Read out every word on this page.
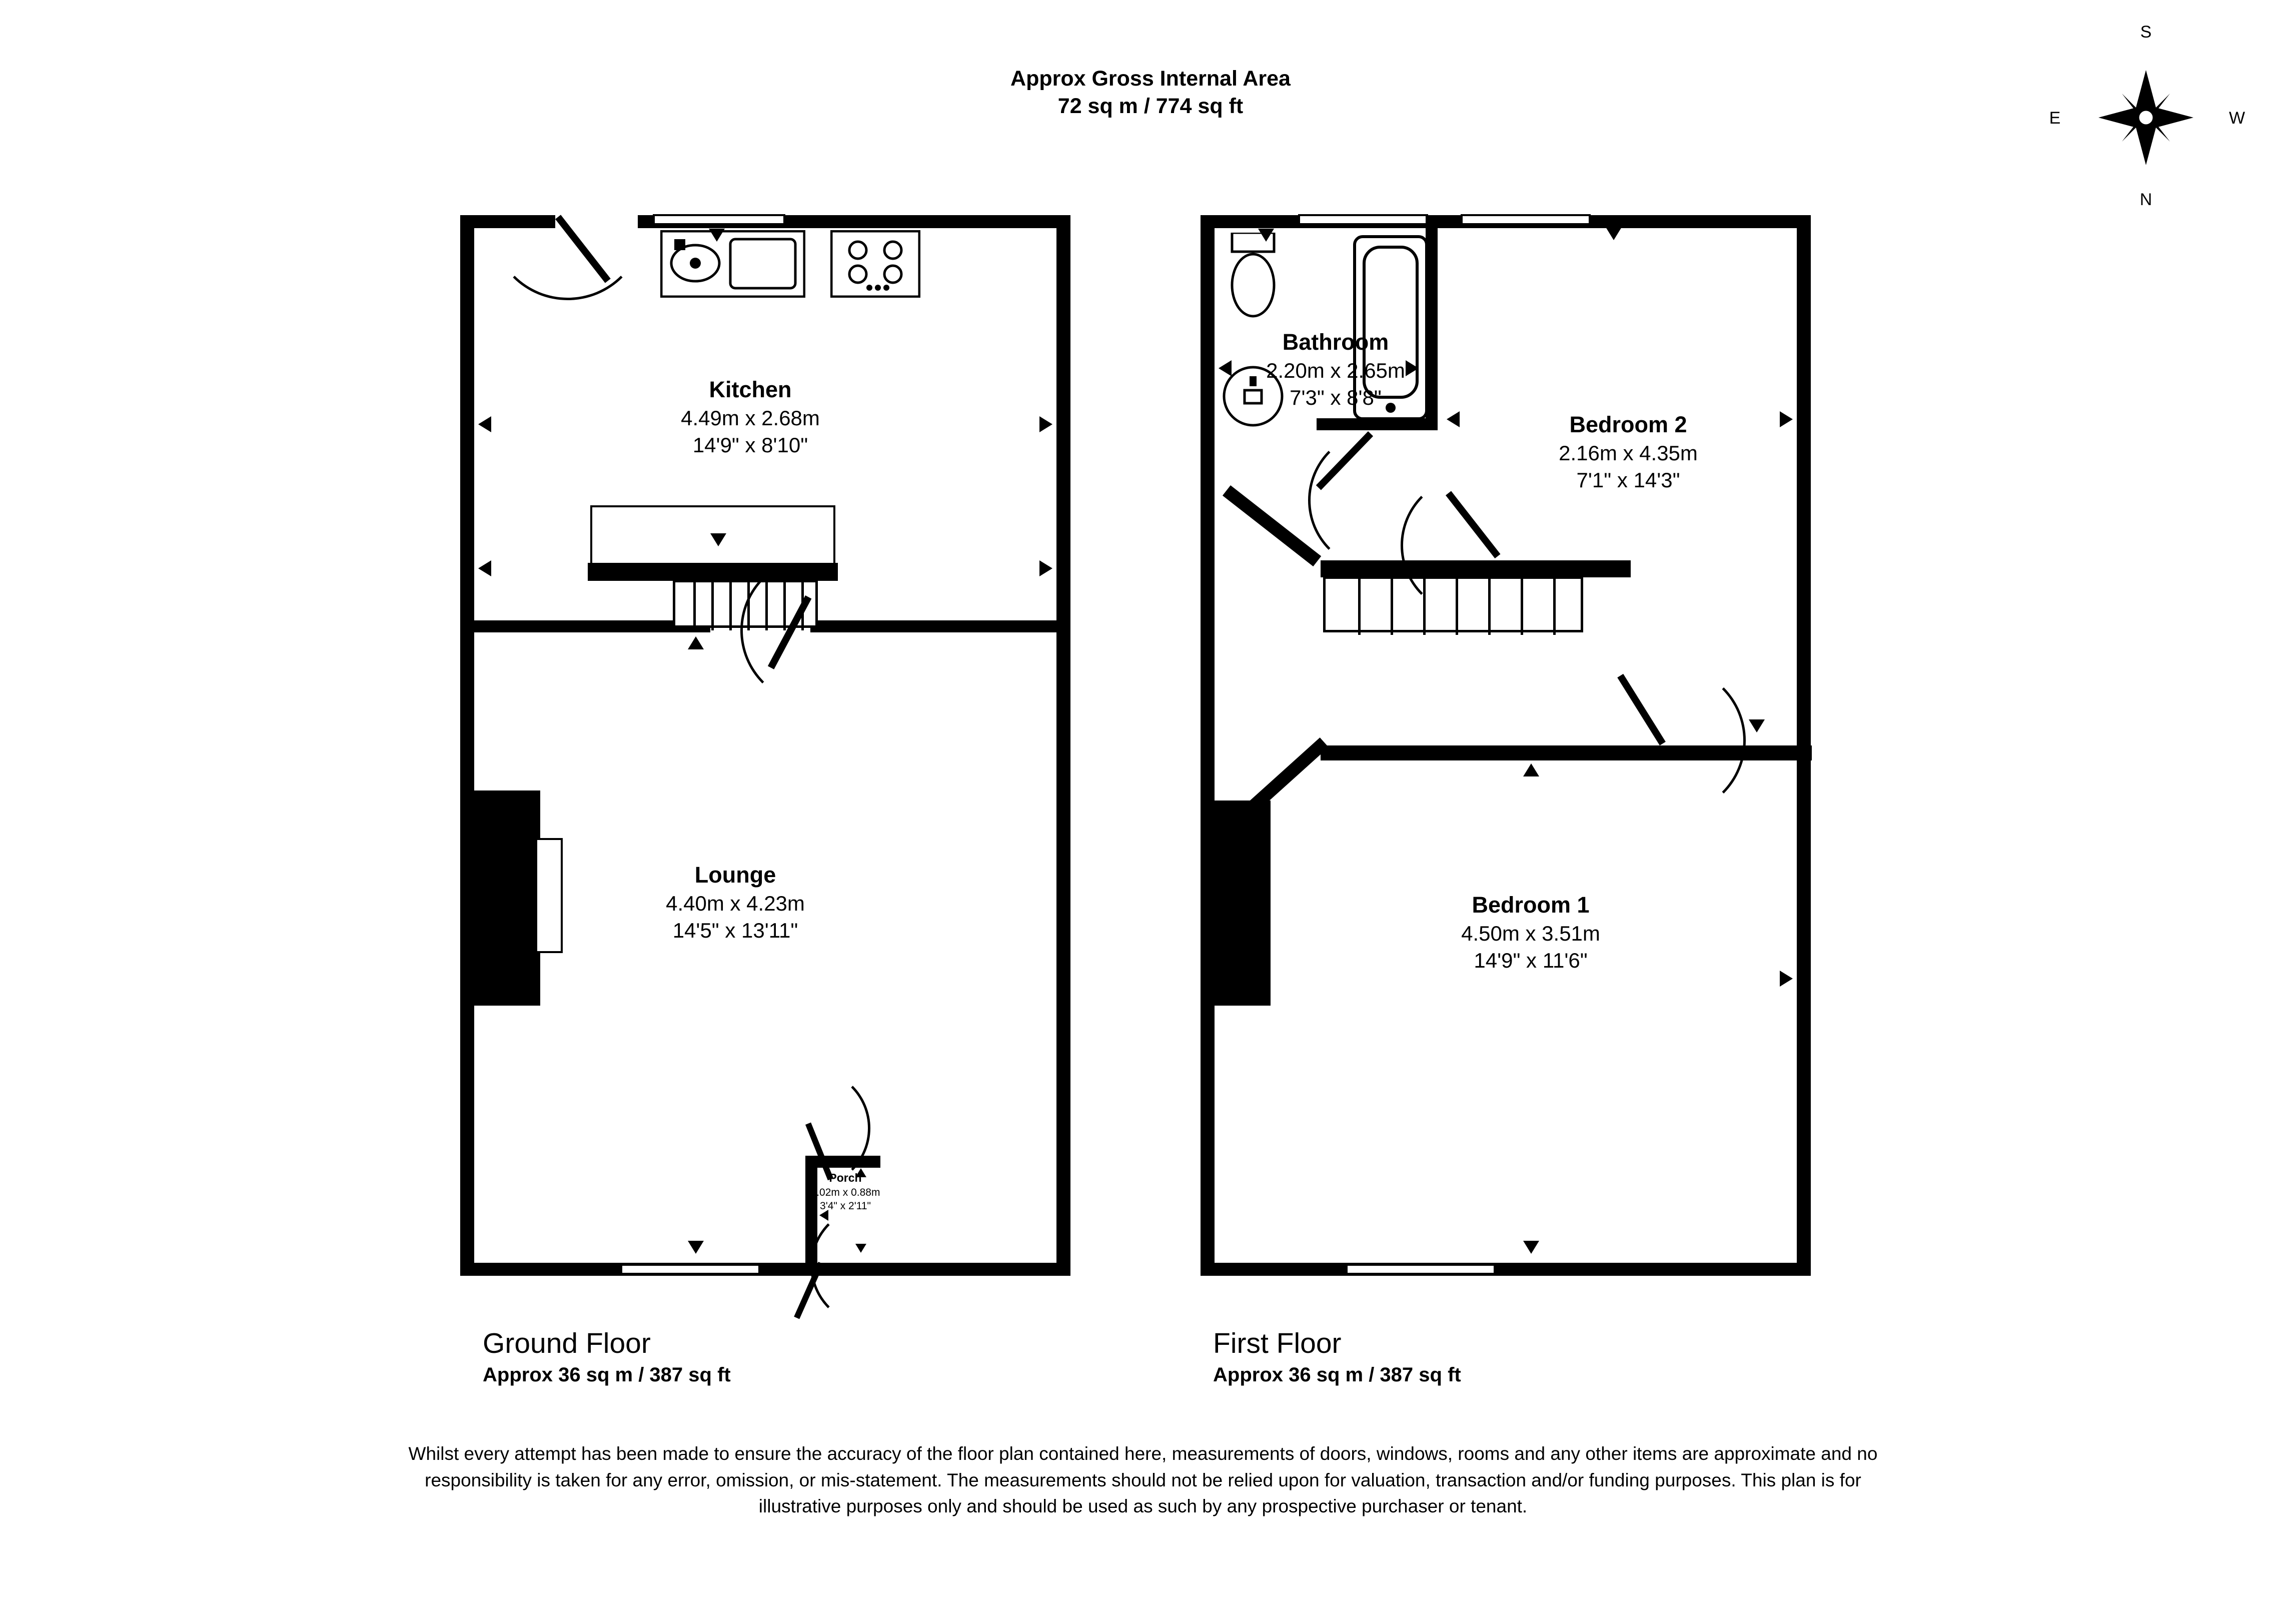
Approx Gross Internal Area
72 sq m / 774 sq ft
S
N
E	W
Kitchen
4.49m x 2.68m
14'9" x 8'10"
Lounge
4.40m x 4.23m
14'5" x 13'11"
Porch
1.02m x 0.88m
3'4" x 2'11"
Bathroom
2.20m x 2.65m
7'3" x 8'8"
Bedroom 2
2.16m x 4.35m
7'1" x 14'3"
Bedroom 1
4.50m x 3.51m
14'9" x 11'6"
Ground Floor
Approx 36 sq m / 387 sq ft
First Floor
Approx 36 sq m / 387 sq ft
Whilst every attempt has been made to ensure the accuracy of the floor plan contained here, measurements of doors, windows, rooms and any other items are approximate and no responsibility is taken for any error, omission, or mis-statement. The measurements should not be relied upon for valuation, transaction and/or funding purposes. This plan is for illustrative purposes only and should be used as such by any prospective purchaser or tenant.
